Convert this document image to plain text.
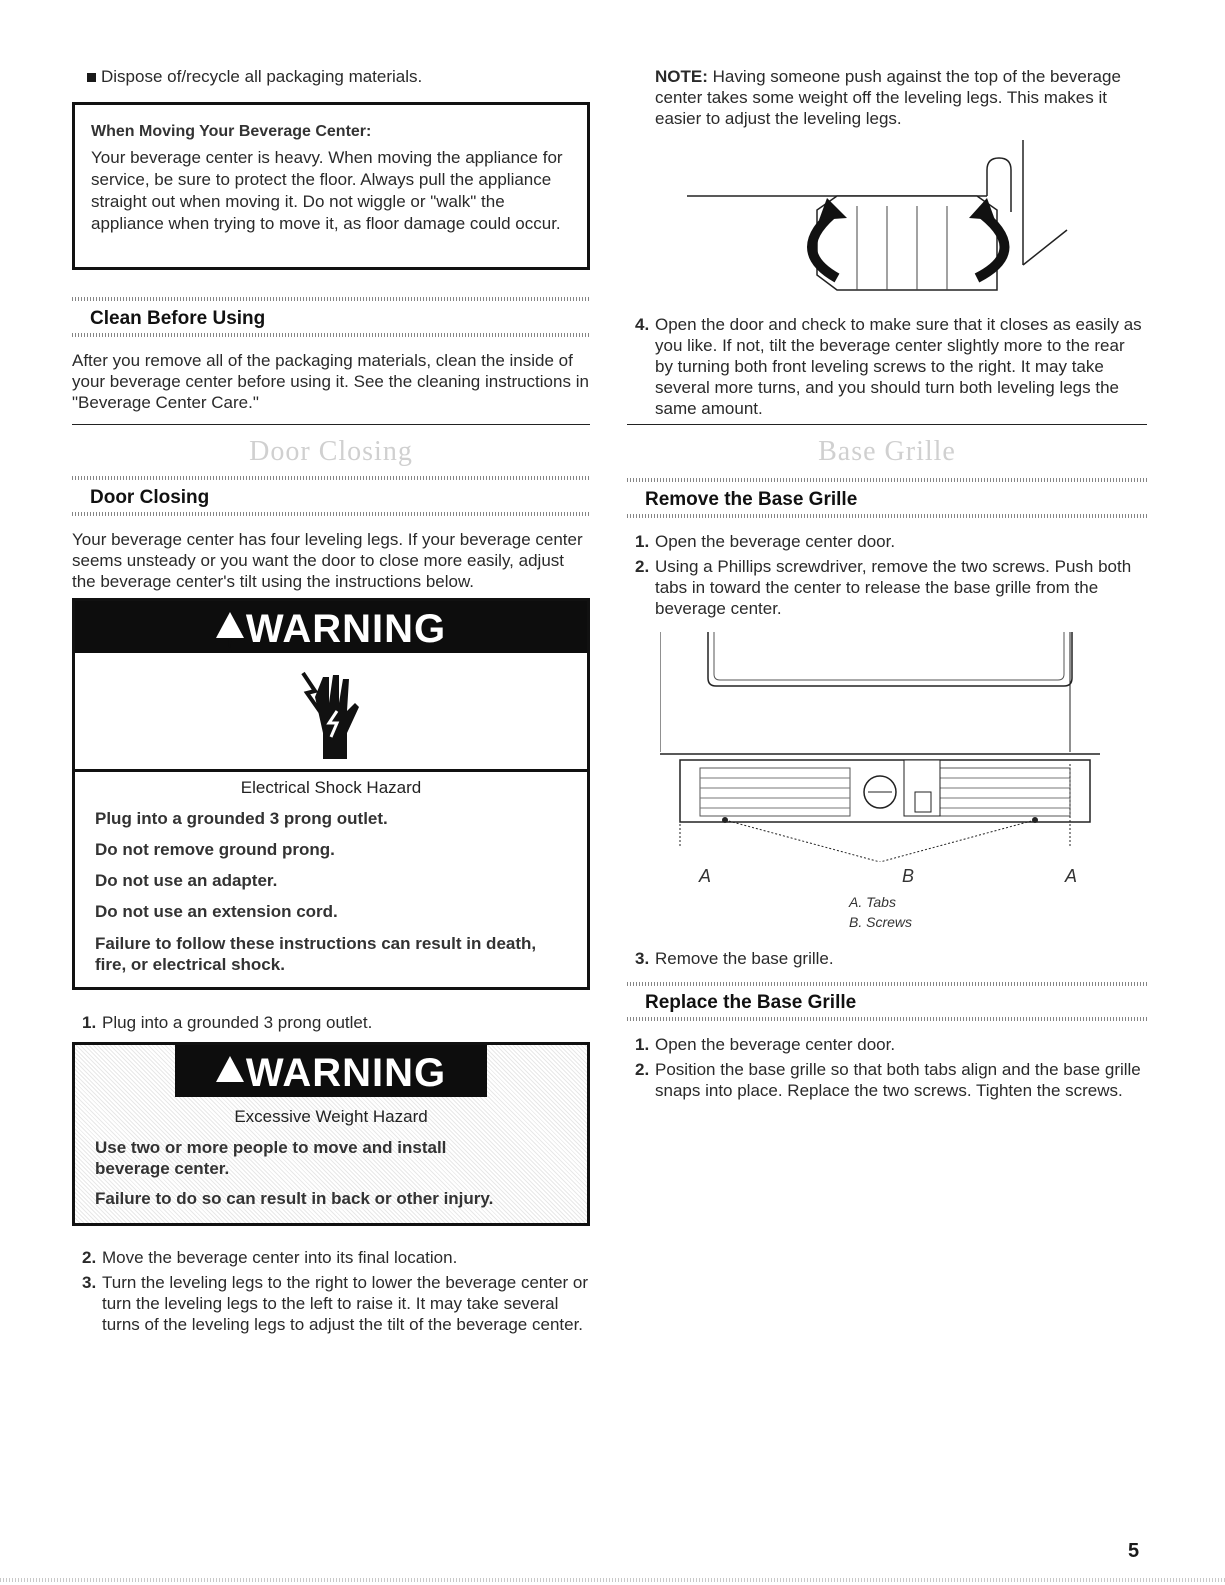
Dispose of/recycle all packaging materials.
When Moving Your Beverage Center:

Your beverage center is heavy. When moving the appliance for service, be sure to protect the floor. Always pull the appliance straight out when moving it. Do not wiggle or "walk" the appliance when trying to move it, as floor damage could occur.

Clean Before Using

After you remove all of the packaging materials, clean the inside of your beverage center before using it. See the cleaning instructions in "Beverage Center Care."

Door Closing
Door Closing

Your beverage center has four leveling legs. If your beverage center seems unsteady or you want the door to close more easily, adjust the beverage center's tilt using the instructions below.

!WARNING
Electrical Shock Hazard
Plug into a grounded 3 prong outlet.
Do not remove ground prong.
Do not use an adapter.
Do not use an extension cord.
Failure to follow these instructions can result in death, fire, or electrical shock.
1. Plug into a grounded 3 prong outlet.
!WARNING
Excessive Weight Hazard
Use two or more people to move and install beverage center.
Failure to do so can result in back or other injury.
2. Move the beverage center into its final location.
3. Turn the leveling legs to the right to lower the beverage center or turn the leveling legs to the left to raise it. It may take several turns of the leveling legs to adjust the tilt of the beverage center.

NOTE: Having someone push against the top of the beverage center takes some weight off the leveling legs. This makes it easier to adjust the leveling legs.

4. Open the door and check to make sure that it closes as easily as you like. If not, tilt the beverage center slightly more to the rear by turning both front leveling screws to the right. It may take several more turns, and you should turn both leveling legs the same amount.
Base Grille
Remove the Base Grille
1. Open the beverage center door.
2. Using a Phillips screwdriver, remove the two screws. Push both tabs in toward the center to release the base grille from the beverage center.
A	B	A
A. Tabs
B. Screws
3. Remove the base grille.
Replace the Base Grille
1. Open the beverage center door.
2. Position the base grille so that both tabs align and the base grille snaps into place. Replace the two screws. Tighten the screws.
5
